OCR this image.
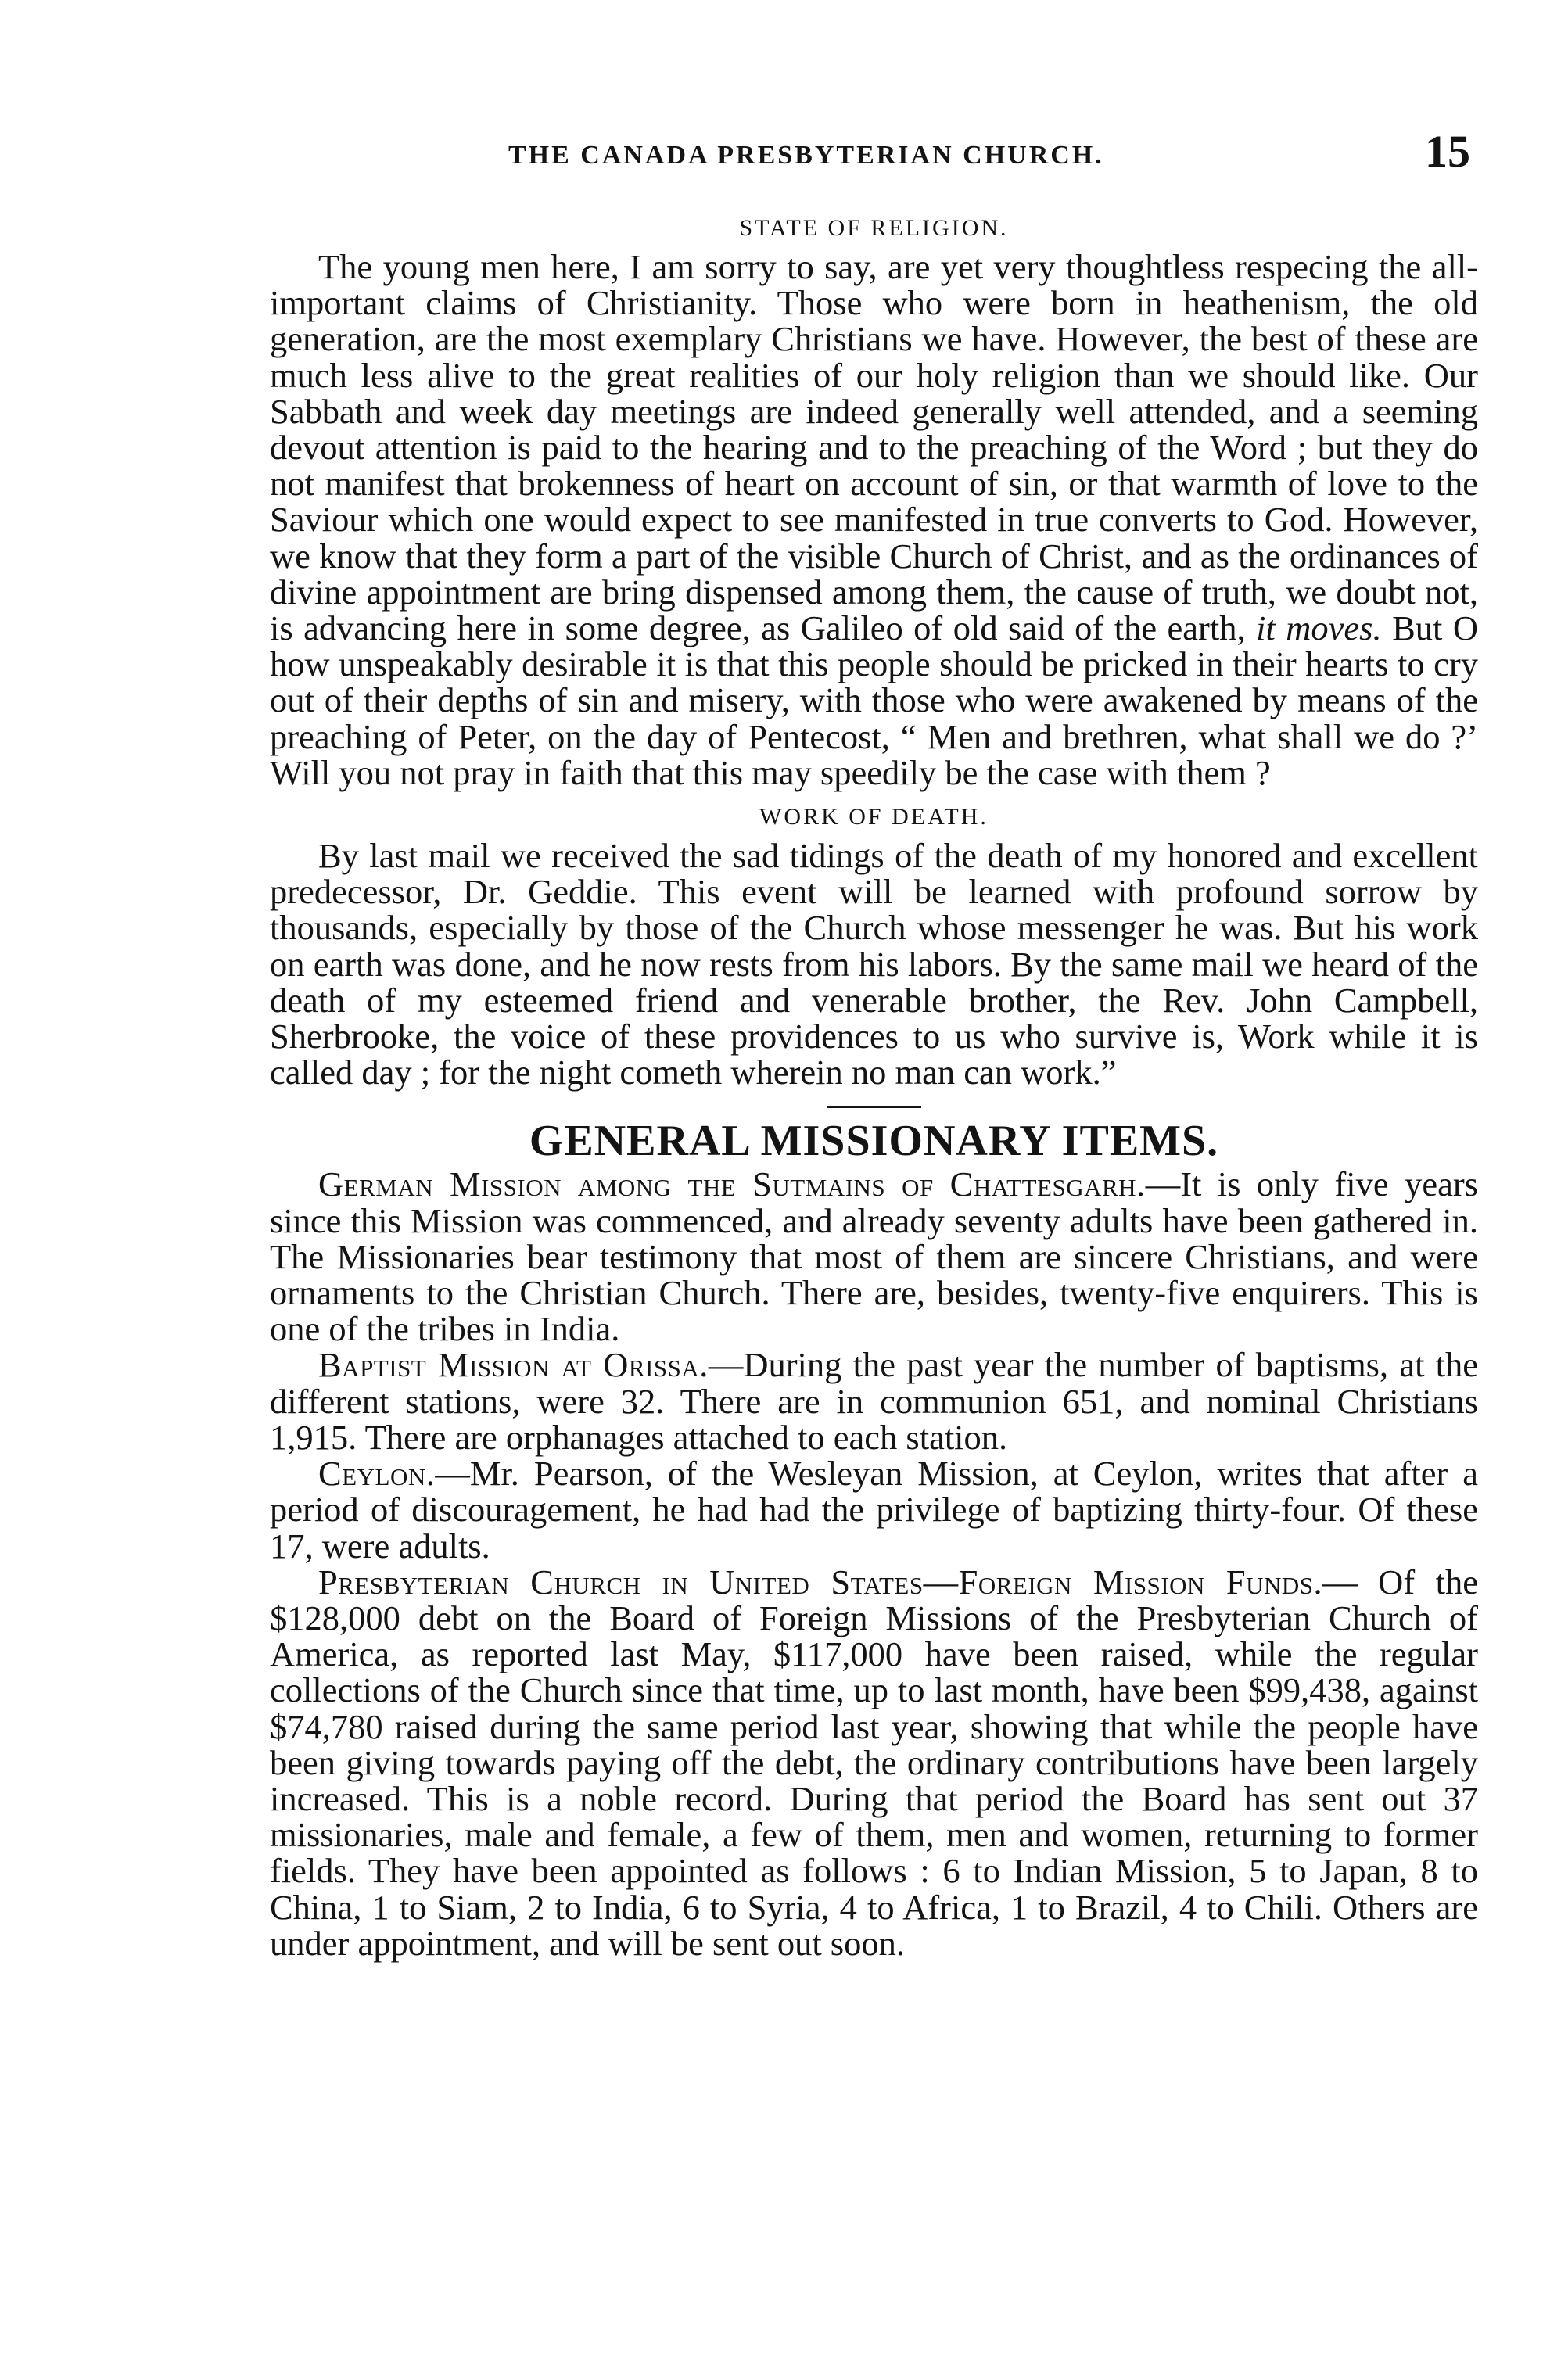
THE CANADA PRESBYTERIAN CHURCH.	15
STATE OF RELIGION.

The young men here, I am sorry to say, are yet very thoughtless respecing the all-important claims of Christianity. Those who were born in heathenism, the old generation, are the most exemplary Christians we have. However, the best of these are much less alive to the great realities of our holy religion than we should like. Our Sabbath and week day meetings are indeed generally well attended, and a seeming devout attention is paid to the hearing and to the preaching of the Word ; but they do not manifest that brokenness of heart on account of sin, or that warmth of love to the Saviour which one would expect to see manifested in true converts to God. However, we know that they form a part of the visible Church of Christ, and as the ordinances of divine appointment are bring dispensed among them, the cause of truth, we doubt not, is advancing here in some degree, as Galileo of old said of the earth, it moves. But O how unspeakably desirable it is that this people should be pricked in their hearts to cry out of their depths of sin and misery, with those who were awakened by means of the preaching of Peter, on the day of Pentecost, “ Men and brethren, what shall we do ?’ Will you not pray in faith that this may speedily be the case with them ?

WORK OF DEATH.

By last mail we received the sad tidings of the death of my honored and excellent predecessor, Dr. Geddie. This event will be learned with profound sorrow by thousands, especially by those of the Church whose messenger he was. But his work on earth was done, and he now rests from his labors. By the same mail we heard of the death of my esteemed friend and venerable brother, the Rev. John Campbell, Sherbrooke, the voice of these providences to us who survive is, Work while it is called day ; for the night cometh wherein no man can work.”

GENERAL MISSIONARY ITEMS.

German Mission among the Sutmains of Chattesgarh.—It is only five years since this Mission was commenced, and already seventy adults have been gathered in. The Missionaries bear testimony that most of them are sincere Christians, and were ornaments to the Christian Church. There are, besides, twenty-five enquirers. This is one of the tribes in India.

Baptist Mission at Orissa.—During the past year the number of baptisms, at the different stations, were 32. There are in communion 651, and nominal Christians 1,915. There are orphanages attached to each station.

Ceylon.—Mr. Pearson, of the Wesleyan Mission, at Ceylon, writes that after a period of discouragement, he had had the privilege of baptizing thirty-four. Of these 17, were adults.

Presbyterian Church in United States—Foreign Mission Funds.— Of the $128,000 debt on the Board of Foreign Missions of the Presbyterian Church of America, as reported last May, $117,000 have been raised, while the regular collections of the Church since that time, up to last month, have been $99,438, against $74,780 raised during the same period last year, showing that while the people have been giving towards paying off the debt, the ordinary contributions have been largely increased. This is a noble record. During that period the Board has sent out 37 missionaries, male and female, a few of them, men and women, returning to former fields. They have been appointed as follows : 6 to Indian Mission, 5 to Japan, 8 to China, 1 to Siam, 2 to India, 6 to Syria, 4 to Africa, 1 to Brazil, 4 to Chili. Others are under appointment, and will be sent out soon.
